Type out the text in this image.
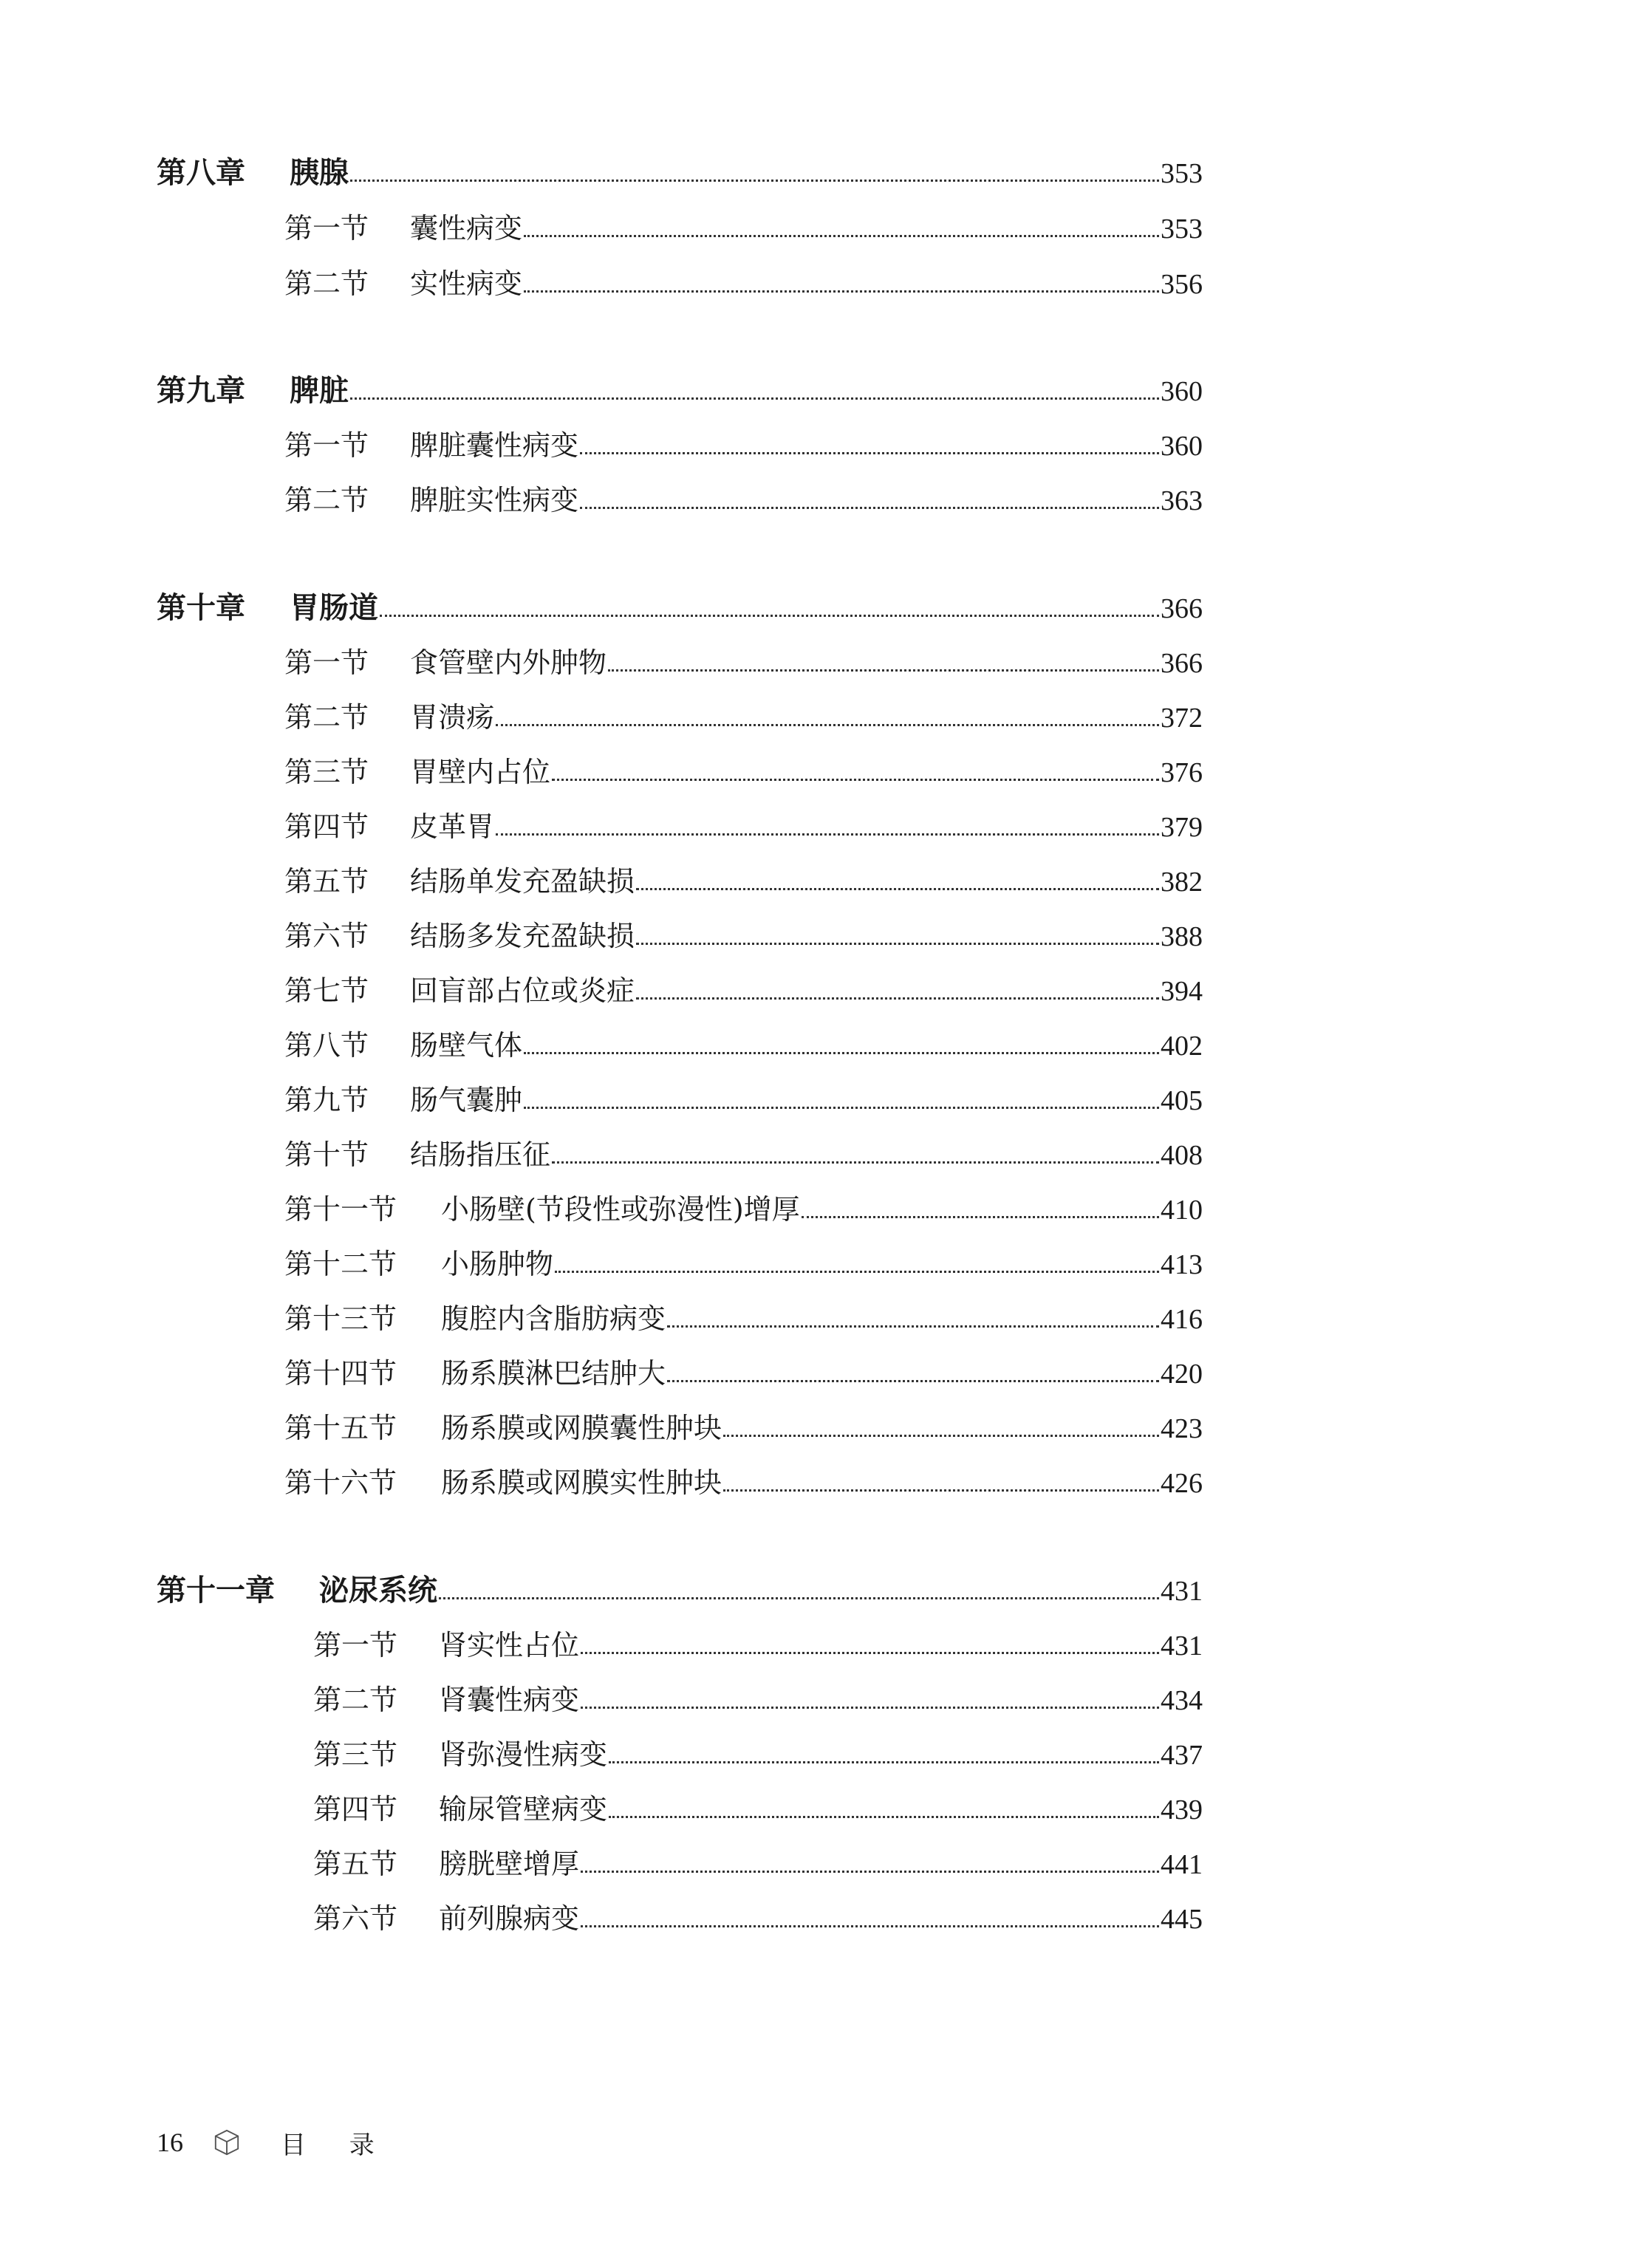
第八章	胰腺	353
第一节	囊性病变	353
第二节	实性病变	356
第九章	脾脏	360
第一节	脾脏囊性病变	360
第二节	脾脏实性病变	363
第十章	胃肠道	366
第一节	食管壁内外肿物	366
第二节	胃溃疡	372
第三节	胃壁内占位	376
第四节	皮革胃	379
第五节	结肠单发充盈缺损	382
第六节	结肠多发充盈缺损	388
第七节	回盲部占位或炎症	394
第八节	肠壁气体	402
第九节	肠气囊肿	405
第十节	结肠指压征	408
第十一节	小肠壁(节段性或弥漫性)增厚	410
第十二节	小肠肿物	413
第十三节	腹腔内含脂肪病变	416
第十四节	肠系膜淋巴结肿大	420
第十五节	肠系膜或网膜囊性肿块	423
第十六节	肠系膜或网膜实性肿块	426
第十一章	泌尿系统	431
第一节	肾实性占位	431
第二节	肾囊性病变	434
第三节	肾弥漫性病变	437
第四节	输尿管壁病变	439
第五节	膀胱壁增厚	441
第六节	前列腺病变	445
16	目 录
